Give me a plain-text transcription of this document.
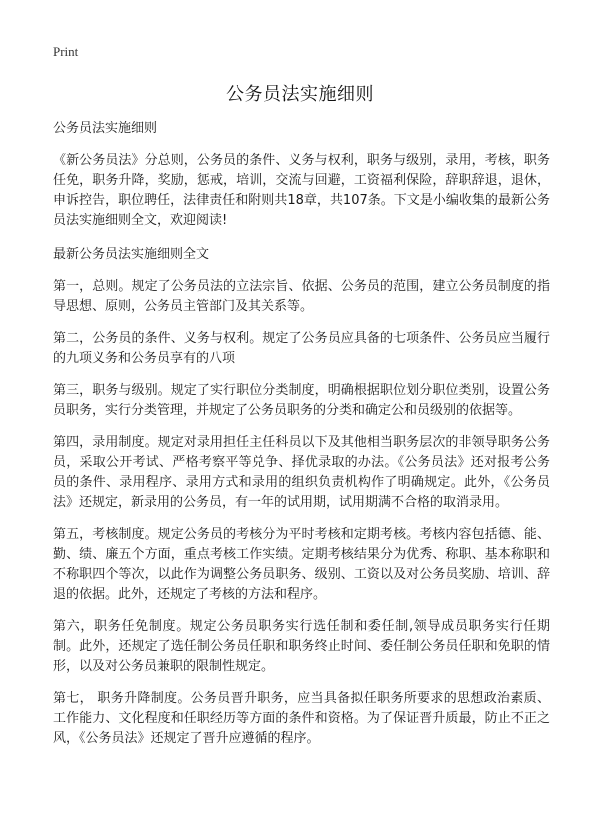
Print
公务员法实施细则

公务员法实施细则

《新公务员法》分总则，公务员的条件、义务与权利，职务与级别，录用，考核，职务任免，职务升降，奖励，惩戒，培训，交流与回避，工资福利保险，辞职辞退，退休，申诉控告，职位聘任，法律责任和附则共18章，共107条。下文是小编收集的最新公务员法实施细则全文，欢迎阅读!

最新公务员法实施细则全文

第一，总则。规定了公务员法的立法宗旨、依据、公务员的范围，建立公务员制度的指导思想、原则，公务员主管部门及其关系等。

第二，公务员的条件、义务与权利。规定了公务员应具备的七项条件、公务员应当履行的九项义务和公务员享有的八项

第三，职务与级别。规定了实行职位分类制度，明确根据职位划分职位类别，设置公务员职务，实行分类管理，并规定了公务员职务的分类和确定公和员级别的依据等。

第四，录用制度。规定对录用担任主任科员以下及其他相当职务层次的非领导职务公务员，采取公开考试、严格考察平等兑争、择优录取的办法。《公务员法》还对报考公务员的条件、录用程序、录用方式和录用的组织负责机构作了明确规定。此外，《公务员法》还规定，新录用的公务员，有一年的试用期，试用期满不合格的取消录用。

第五，考核制度。规定公务员的考核分为平时考核和定期考核。考核内容包括德、能、勤、绩、廉五个方面，重点考核工作实绩。定期考核结果分为优秀、称职、基本称职和不称职四个等次，以此作为调整公务员职务、级别、工资以及对公务员奖励、培训、辞退的依据。此外，还规定了考核的方法和程序。

第六，职务任免制度。规定公务员职务实行选任制和委任制,领导成员职务实行任期制。此外，还规定了选任制公务员任职和职务终止时间、委任制公务员任职和免职的情形，以及对公务员兼职的限制性规定。

第七， 职务升降制度。公务员晋升职务，应当具备拟任职务所要求的思想政治素质、工作能力、文化程度和任职经历等方面的条件和资格。为了保证晋升质最，防止不正之风，《公务员法》还规定了晋升应遵循的程序。
